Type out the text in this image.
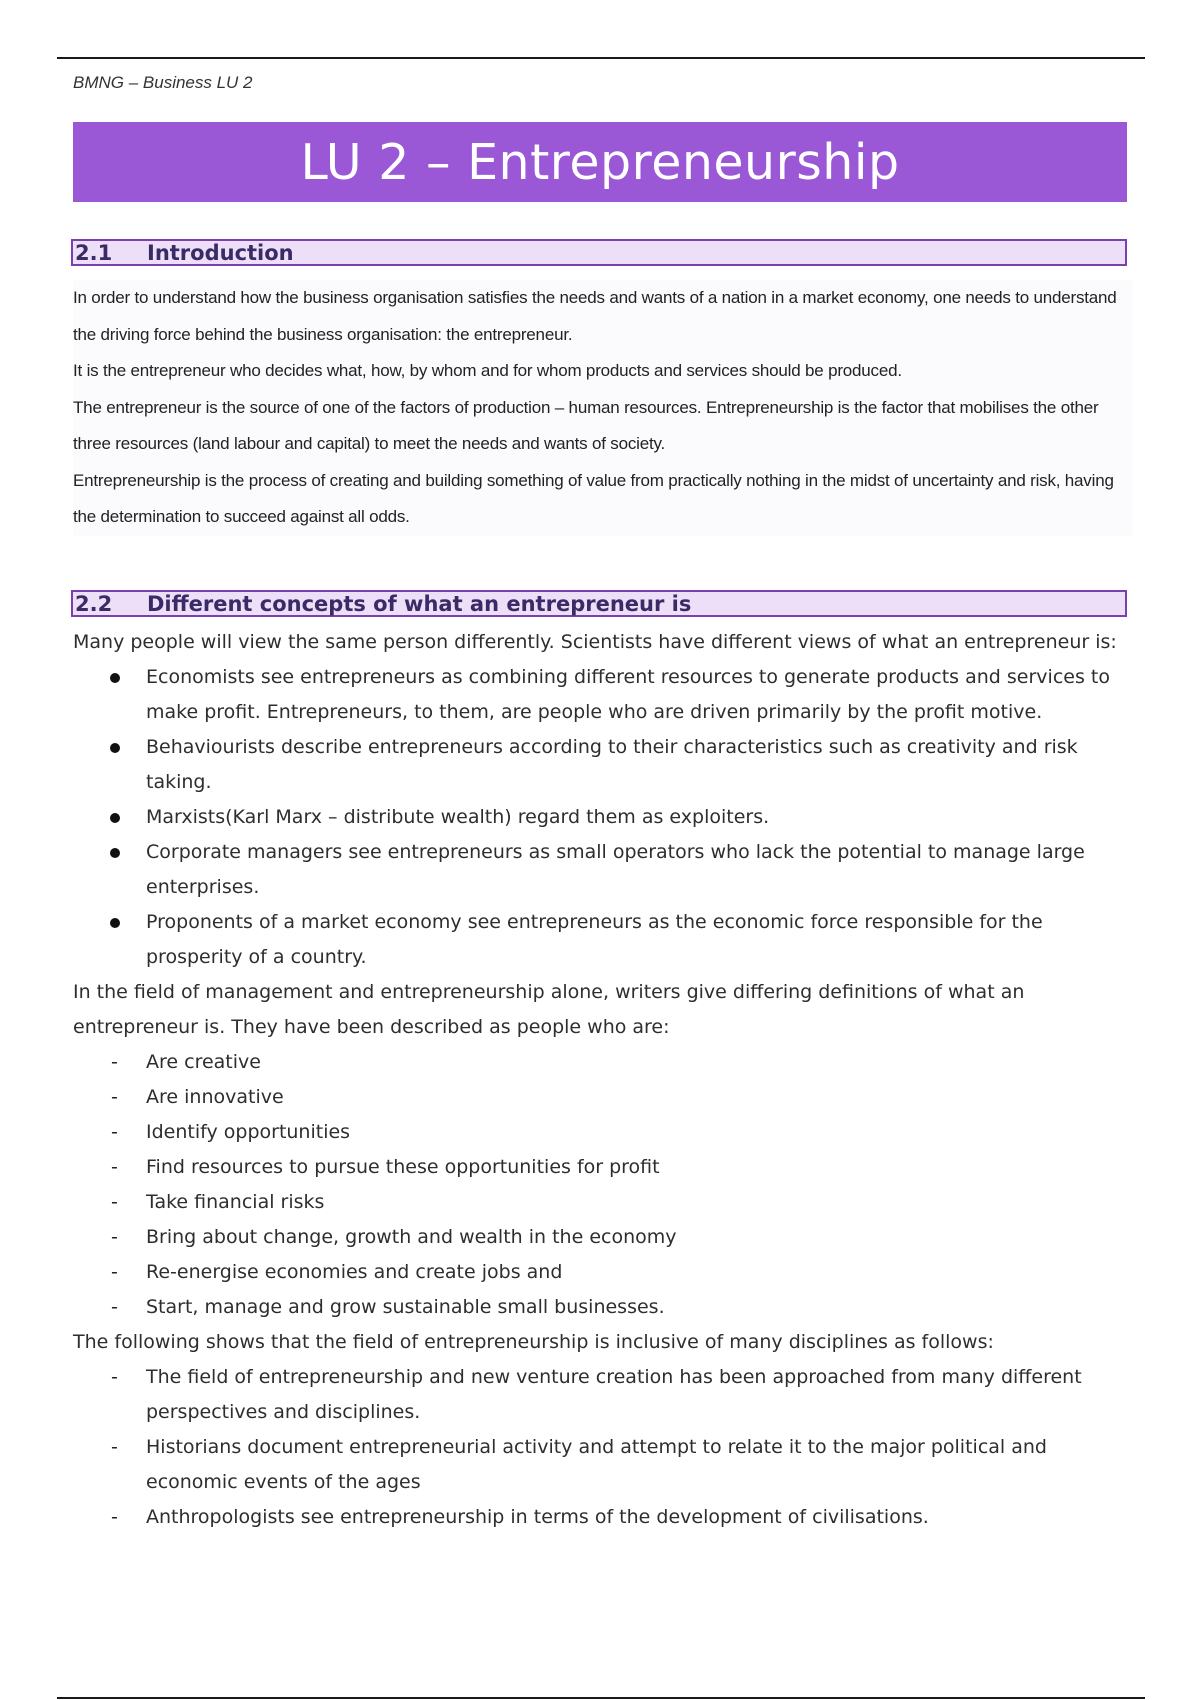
BMNG – Business LU 2
LU 2 – Entrepreneurship
2.1	Introduction

In order to understand how the business organisation satisfies the needs and wants of a nation in a market economy, one needs to understand the driving force behind the business organisation: the entrepreneur.

It is the entrepreneur who decides what, how, by whom and for whom products and services should be produced.

The entrepreneur is the source of one of the factors of production – human resources. Entrepreneurship is the factor that mobilises the other three resources (land labour and capital) to meet the needs and wants of society.

Entrepreneurship is the process of creating and building something of value from practically nothing in the midst of uncertainty and risk, having the determination to succeed against all odds.

2.2	Different concepts of what an entrepreneur is

Many people will view the same person differently. Scientists have different views of what an entrepreneur is:

Economists see entrepreneurs as combining different resources to generate products and services to make profit. Entrepreneurs, to them, are people who are driven primarily by the profit motive.
Behaviourists describe entrepreneurs according to their characteristics such as creativity and risk taking.
Marxists(Karl Marx – distribute wealth) regard them as exploiters.
Corporate managers see entrepreneurs as small operators who lack the potential to manage large enterprises.
Proponents of a market economy see entrepreneurs as the economic force responsible for the prosperity of a country.

In the field of management and entrepreneurship alone, writers give differing definitions of what an entrepreneur is. They have been described as people who are:

- Are creative
- Are innovative
- Identify opportunities
- Find resources to pursue these opportunities for profit
- Take financial risks
- Bring about change, growth and wealth in the economy
- Re-energise economies and create jobs and
- Start, manage and grow sustainable small businesses.

The following shows that the field of entrepreneurship is inclusive of many disciplines as follows:

- The field of entrepreneurship and new venture creation has been approached from many different perspectives and disciplines.
- Historians document entrepreneurial activity and attempt to relate it to the major political and economic events of the ages
- Anthropologists see entrepreneurship in terms of the development of civilisations.
